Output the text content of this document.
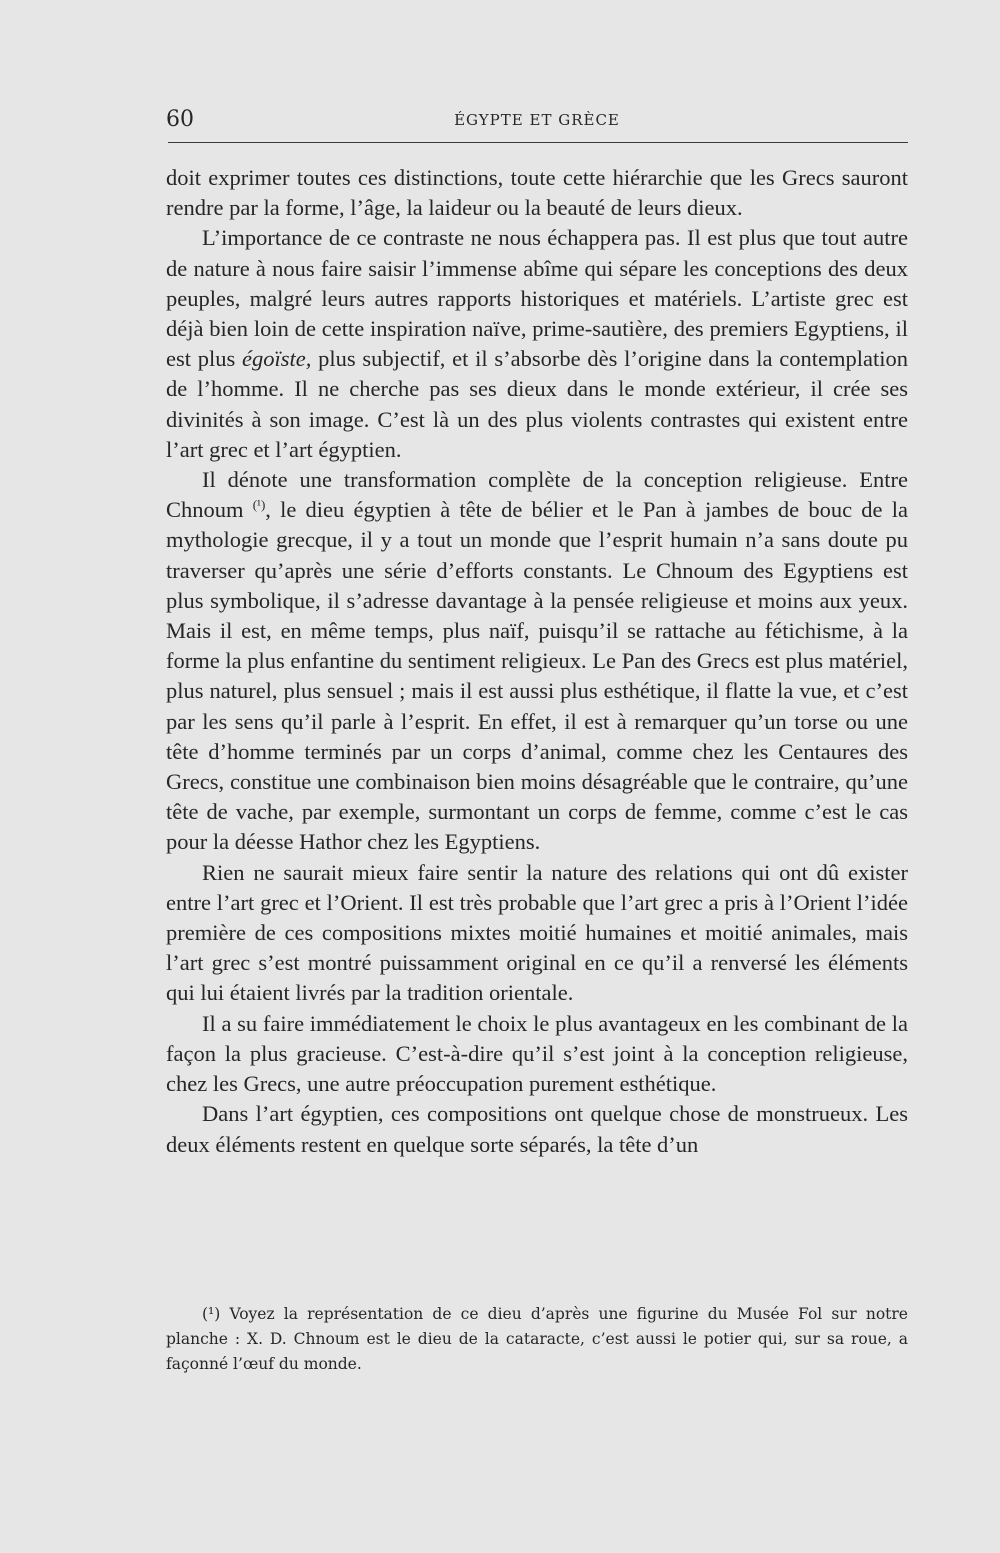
60	ÉGYPTE ET GRÈCE

doit exprimer toutes ces distinctions, toute cette hiérarchie que les Grecs sauront rendre par la forme, l’âge, la laideur ou la beauté de leurs dieux.

L’importance de ce contraste ne nous échappera pas. Il est plus que tout autre de nature à nous faire saisir l’immense abîme qui sépare les conceptions des deux peuples, malgré leurs autres rapports historiques et matériels. L’artiste grec est déjà bien loin de cette inspiration naïve, prime-sautière, des premiers Egyptiens, il est plus égoïste, plus subjectif, et il s’absorbe dès l’origine dans la contemplation de l’homme. Il ne cherche pas ses dieux dans le monde extérieur, il crée ses divinités à son image. C’est là un des plus violents contrastes qui existent entre l’art grec et l’art égyptien.

Il dénote une transformation complète de la conception religieuse. Entre Chnoum $^{(^1)}$, le dieu égyptien à tête de bélier et le Pan à jambes de bouc de la mythologie grecque, il y a tout un monde que l’esprit humain n’a sans doute pu traverser qu’après une série d’efforts constants. Le Chnoum des Egyptiens est plus symbolique, il s’adresse davantage à la pensée religieuse et moins aux yeux. Mais il est, en même temps, plus naïf, puisqu’il se rattache au fétichisme, à la forme la plus enfantine du sentiment religieux. Le Pan des Grecs est plus matériel, plus naturel, plus sensuel ; mais il est aussi plus esthétique, il flatte la vue, et c’est par les sens qu’il parle à l’esprit. En effet, il est à remarquer qu’un torse ou une tête d’homme terminés par un corps d’animal, comme chez les Centaures des Grecs, constitue une combinaison bien moins désagréable que le contraire, qu’une tête de vache, par exemple, surmontant un corps de femme, comme c’est le cas pour la déesse Hathor chez les Egyptiens.

Rien ne saurait mieux faire sentir la nature des relations qui ont dû exister entre l’art grec et l’Orient. Il est très probable que l’art grec a pris à l’Orient l’idée première de ces compositions mixtes moitié humaines et moitié animales, mais l’art grec s’est montré puissamment original en ce qu’il a renversé les éléments qui lui étaient livrés par la tradition orientale.

Il a su faire immédiatement le choix le plus avantageux en les combinant de la façon la plus gracieuse. C’est-à-dire qu’il s’est joint à la conception religieuse, chez les Grecs, une autre préoccupation purement esthétique.

Dans l’art égyptien, ces compositions ont quelque chose de monstrueux. Les deux éléments restent en quelque sorte séparés, la tête d’un

(¹) Voyez la représentation de ce dieu d’après une figurine du Musée Fol sur notre planche : X. D. Chnoum est le dieu de la cataracte, c’est aussi le potier qui, sur sa roue, a façonné l’œuf du monde.
